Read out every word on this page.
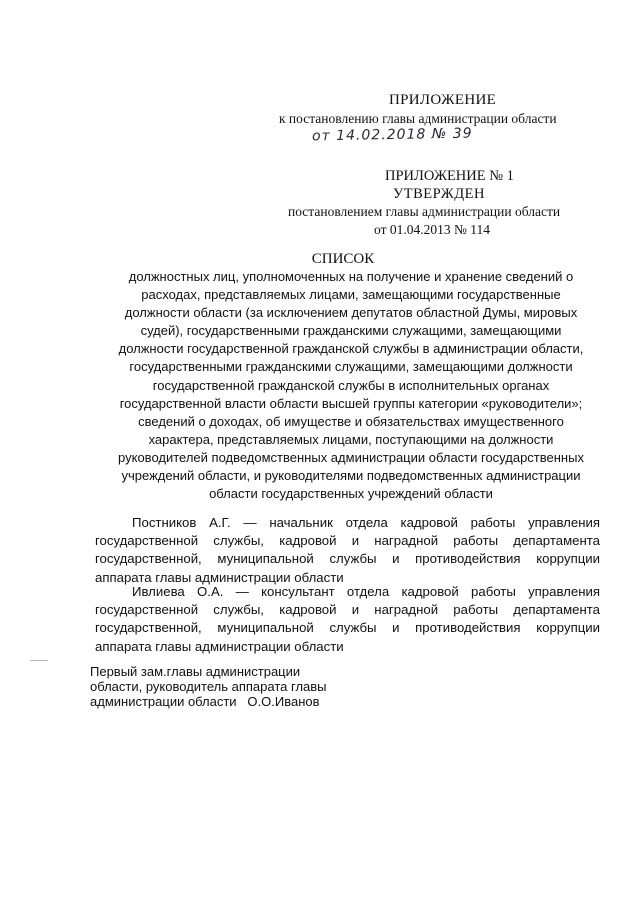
ПРИЛОЖЕНИЕ
к постановлению главы администрации области
от 14.02.2018 № 39
ПРИЛОЖЕНИЕ № 1
УТВЕРЖДЕН
постановлением главы администрации области
от 01.04.2013 № 114
СПИСОК
должностных лиц, уполномоченных на получение и хранение сведений о
расходах, представляемых лицами, замещающими государственные
должности области (за исключением депутатов областной Думы, мировых
судей), государственными гражданскими служащими, замещающими
должности государственной гражданской службы в администрации области,
государственными гражданскими служащими, замещающими должности
государственной гражданской службы в исполнительных органах
государственной власти области высшей группы категории «руководители»;
сведений о доходах, об имуществе и обязательствах имущественного
характера, представляемых лицами, поступающими на должности
руководителей подведомственных администрации области государственных
учреждений области, и руководителями подведомственных администрации
области государственных учреждений области
Постников А.Г. — начальник отдела кадровой работы управления государственной службы, кадровой и наградной работы департамента государственной, муниципальной службы и противодействия коррупции аппарата главы администрации области
Ивлиева О.А. — консультант отдела кадровой работы управления государственной службы, кадровой и наградной работы департамента государственной, муниципальной службы и противодействия коррупции аппарата главы администрации области
Первый зам.главы администрации
области, руководитель аппарата главы
администрации области   О.О.Иванов
